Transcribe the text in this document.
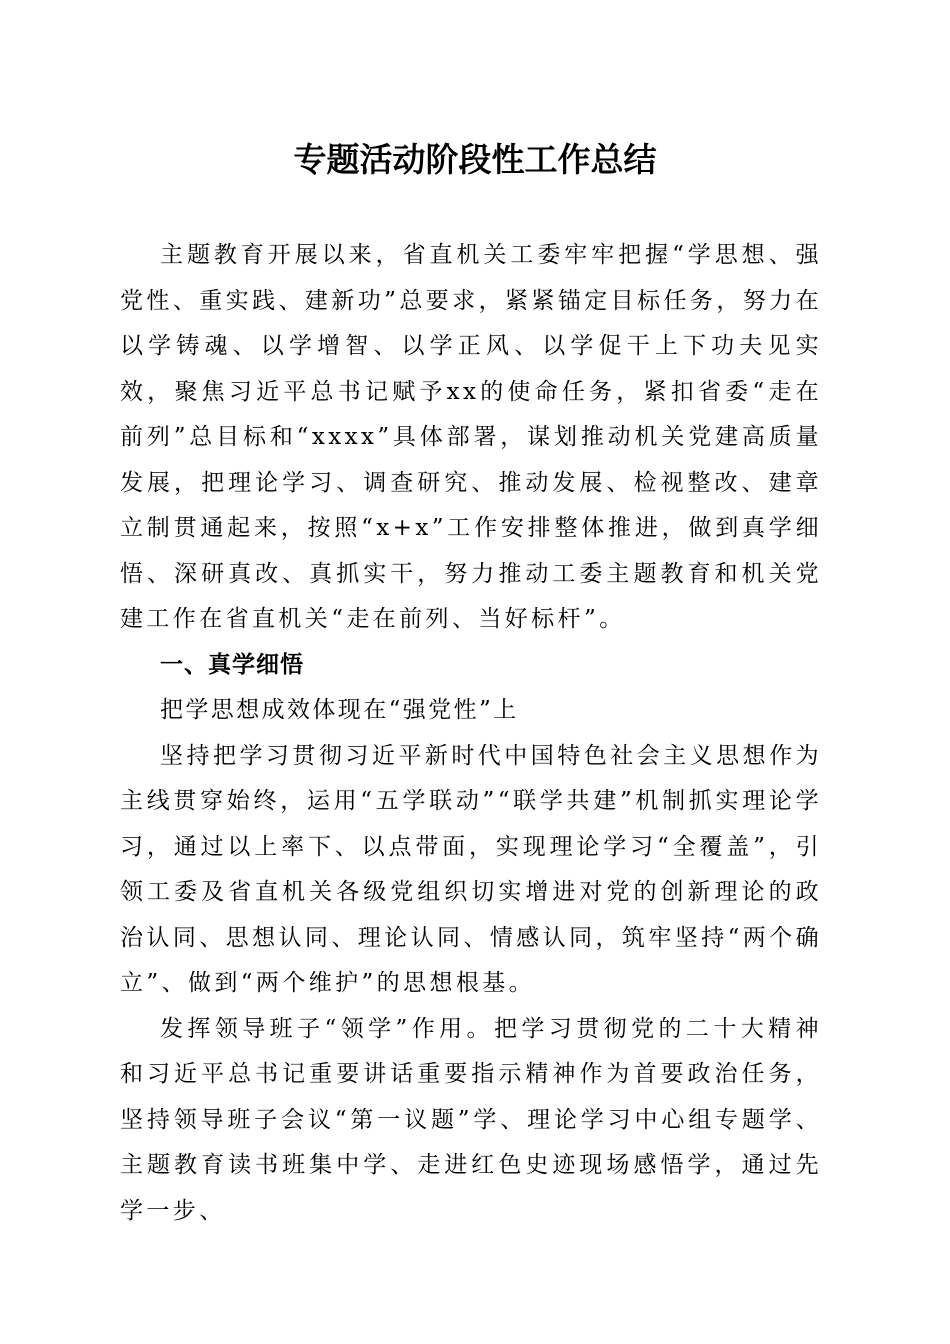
专题活动阶段性工作总结

主题教育开展以来，省直机关工委牢牢把握“学思想、强党性、重实践、建新功”总要求，紧紧锚定目标任务，努力在以学铸魂、以学增智、以学正风、以学促干上下功夫见实效，聚焦习近平总书记赋予xx的使命任务，紧扣省委“走在前列”总目标和“xxxx”具体部署，谋划推动机关党建高质量发展，把理论学习、调查研究、推动发展、检视整改、建章立制贯通起来，按照“x+x”工作安排整体推进，做到真学细悟、深研真改、真抓实干，努力推动工委主题教育和机关党建工作在省直机关“走在前列、当好标杆”。

一、真学细悟

把学思想成效体现在“强党性”上

坚持把学习贯彻习近平新时代中国特色社会主义思想作为主线贯穿始终，运用“五学联动”“联学共建”机制抓实理论学习，通过以上率下、以点带面，实现理论学习“全覆盖”，引领工委及省直机关各级党组织切实增进对党的创新理论的政治认同、思想认同、理论认同、情感认同，筑牢坚持“两个确立”、做到“两个维护”的思想根基。

发挥领导班子“领学”作用。把学习贯彻党的二十大精神和习近平总书记重要讲话重要指示精神作为首要政治任务，坚持领导班子会议“第一议题”学、理论学习中心组专题学、主题教育读书班集中学、走进红色史迹现场感悟学，通过先学一步、
